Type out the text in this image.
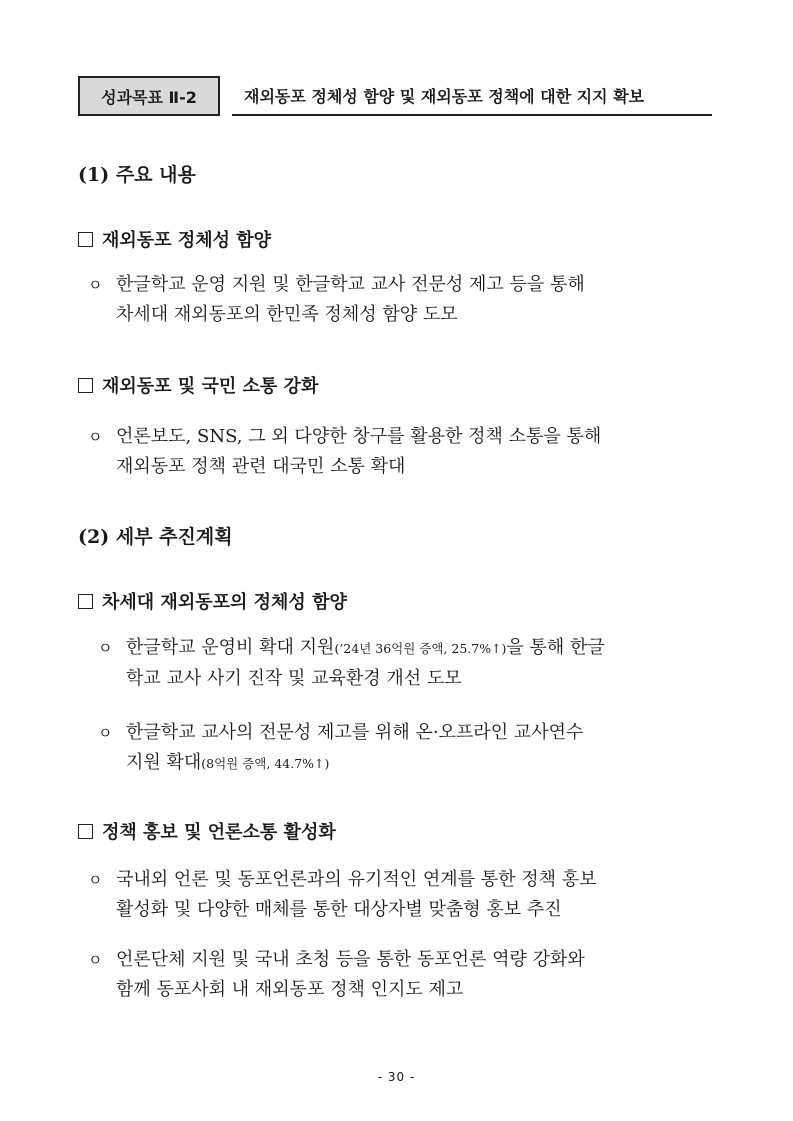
성과목표 Ⅱ-2	재외동포 정체성 함양 및 재외동포 정책에 대한 지지 확보
(1) 주요 내용
재외동포 정체성 함양
ㅇ 한글학교 운영 지원 및 한글학교 교사 전문성 제고 등을 통해
차세대 재외동포의 한민족 정체성 함양 도모
재외동포 및 국민 소통 강화
ㅇ 언론보도, SNS, 그 외 다양한 창구를 활용한 정책 소통을 통해
재외동포 정책 관련 대국민 소통 확대
(2) 세부 추진계획
차세대 재외동포의 정체성 함양
ㅇ 한글학교 운영비 확대 지원(’24년 36억원 증액, 25.7%↑)을 통해 한글
학교 교사 사기 진작 및 교육환경 개선 도모
ㅇ 한글학교 교사의 전문성 제고를 위해 온·오프라인 교사연수
지원 확대(8억원 증액, 44.7%↑)
정책 홍보 및 언론소통 활성화
ㅇ 국내외 언론 및 동포언론과의 유기적인 연계를 통한 정책 홍보
활성화 및 다양한 매체를 통한 대상자별 맞춤형 홍보 추진
ㅇ 언론단체 지원 및 국내 초청 등을 통한 동포언론 역량 강화와
함께 동포사회 내 재외동포 정책 인지도 제고
- 30 -
